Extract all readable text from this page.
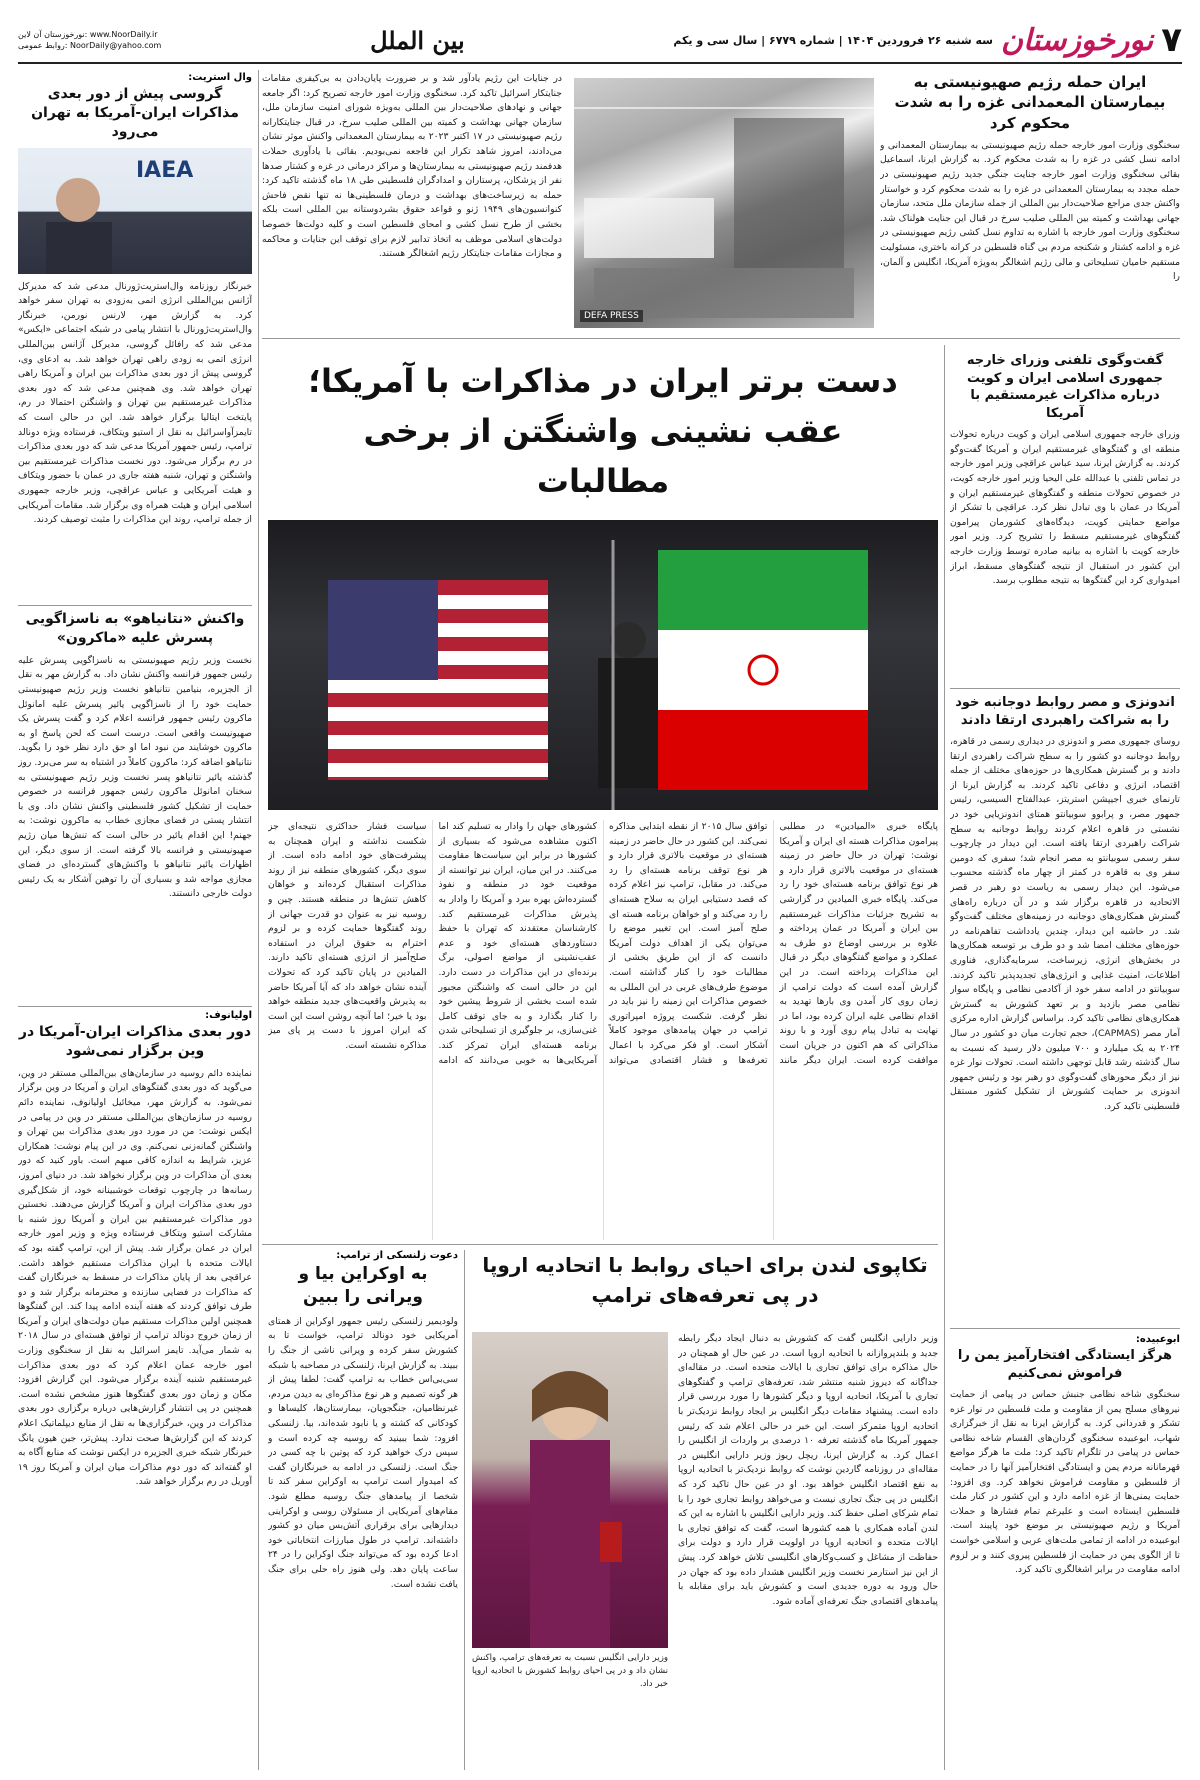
۷
نورخوزستان
سه شنبه ۲۶ فروردین ۱۴۰۴ | شماره ۶۷۷۹ | سال سی و یکم
بین الملل
نورخوزستان آن لاین: www.NoorDaily.ir
روابط عمومی: NoorDaily@yahoo.com
ایران حمله رژیم صهیونیستی به بیمارستان المعمدانی غزه را به شدت محکوم کرد
سخنگوی وزارت امور خارجه حمله رژیم صهیونیستی به بیمارستان المعمدانی و ادامه نسل کشی در غزه را به شدت محکوم کرد. به گزارش ایرنا، اسماعیل بقائی سخنگوی وزارت امور خارجه جنایت جنگی جدید رژیم صهیونیستی در حمله مجدد به بیمارستان المعمدانی در غزه را به شدت محکوم کرد و خواستار واکنش جدی مراجع صلاحیت‌دار بین المللی از جمله سازمان ملل متحد، سازمان جهانی بهداشت و کمیته بین المللی صلیب سرخ در قبال این جنایت هولناک شد. سخنگوی وزارت امور خارجه با اشاره به تداوم نسل کشی رژیم صهیونیستی در غزه و ادامه کشتار و شکنجه مردم بی گناه فلسطین در کرانه باختری، مسئولیت مستقیم حامیان تسلیحاتی و مالی رژیم اشغالگر به‌ویژه آمریکا، انگلیس و آلمان، را
DEFA PRESS
در جنایات این رژیم یادآور شد و بر ضرورت پایان‌دادن به بی‌کیفری مقامات جنایتکار اسرائیل تاکید کرد. سخنگوی وزارت امور خارجه تصریح کرد: اگر جامعه جهانی و نهادهای صلاحیت‌دار بین المللی به‌ویژه شورای امنیت سازمان ملل، سازمان جهانی بهداشت و کمیته بین المللی صلیب سرخ، در قبال جنایتکارانه رژیم صهیونیستی در ۱۷ اکتبر ۲۰۲۳ به بیمارستان المعمدانی واکنش موثر نشان می‌دادند، امروز شاهد تکرار این فاجعه نمی‌بودیم. بقائی با یادآوری حملات هدفمند رژیم صهیونیستی به بیمارستان‌ها و مراکز درمانی در غزه و کشتار صدها نفر از پزشکان، پرستاران و امدادگران فلسطینی طی ۱۸ ماه گذشته تاکید کرد: حمله به زیرساخت‌های بهداشت و درمان فلسطینی‌ها نه تنها نقض فاحش کنوانسیون‌های ۱۹۴۹ ژنو و قواعد حقوق بشردوستانه بین المللی است بلکه بخشی از طرح نسل کشی و امحای فلسطین است و کلیه دولت‌ها خصوصا دولت‌های اسلامی موظف به اتخاذ تدابیر لازم برای توقف این جنایات و محاکمه و مجازات مقامات جنایتکار رژیم اشغالگر هستند.
وال استریت:
گروسی پیش از دور بعدی مذاکرات ایران-آمریکا به تهران می‌رود
IAEA
خبرنگار روزنامه وال‌استریت‌ژورنال مدعی شد که مدیرکل آژانس بین‌المللی انرژی اتمی به‌زودی به تهران سفر خواهد کرد. به گزارش مهر، لارنس نورمن، خبرنگار وال‌استریت‌ژورنال با انتشار پیامی در شبکه اجتماعی «ایکس» مدعی شد که رافائل گروسی، مدیرکل آژانس بین‌المللی انرژی اتمی به زودی راهی تهران خواهد شد. به ادعای وی، گروسی پیش از دور بعدی مذاکرات بین ایران و آمریکا راهی تهران خواهد شد. وی همچنین مدعی شد که دور بعدی مذاکرات غیرمستقیم بین تهران و واشنگتن احتمالا در رم، پایتخت ایتالیا برگزار خواهد شد. این در حالی است که تایمزآواسرائیل به نقل از استیو ویتکاف، فرستاده ویژه دونالد ترامپ، رئیس جمهور آمریکا مدعی شد که دور بعدی مذاکرات در رم برگزار می‌شود. دور نخست مذاکرات غیرمستقیم بین واشنگتن و تهران، شنبه هفته جاری در عمان با حضور ویتکاف و هیئت آمریکایی و عباس عراقچی، وزیر خارجه جمهوری اسلامی ایران و هیئت همراه وی برگزار شد. مقامات آمریکایی از جمله ترامپ، روند این مذاکرات را مثبت توصیف کردند.
واکنش «نتانیاهو» به ناسزاگویی پسرش علیه «ماکرون»
نخست وزیر رژیم صهیونیستی به ناسزاگویی پسرش علیه رئیس جمهور فرانسه واکنش نشان داد. به گزارش مهر به نقل از الجزیره، بنیامین نتانیاهو نخست وزیر رژیم صهیونیستی حمایت خود را از ناسزاگویی یائیر پسرش علیه امانوئل ماکرون رئیس جمهور فرانسه اعلام کرد و گفت پسرش یک صهیونیست واقعی است. درست است که لحن پاسخ او به ماکرون خوشایند من نبود اما او حق دارد نظر خود را بگوید. نتانیاهو اضافه کرد: ماکرون کاملاً در اشتباه به سر می‌برد. روز گذشته یائیر نتانیاهو پسر نخست وزیر رژیم صهیونیستی به سخنان امانوئل ماکرون رئیس جمهور فرانسه در خصوص حمایت از تشکیل کشور فلسطینی واکنش نشان داد. وی با انتشار پستی در فضای مجازی خطاب به ماکرون نوشت: به جهنم! این اقدام یائیر در حالی است که تنش‌ها میان رژیم صهیونیستی و فرانسه بالا گرفته است. از سوی دیگر، این اظهارات یائیر نتانیاهو با واکنش‌های گسترده‌ای در فضای مجازی مواجه شد و بسیاری آن را توهین آشکار به یک رئیس دولت خارجی دانستند.
اولیانوف:
دور بعدی مذاکرات ایران-آمریکا در وین برگزار نمی‌شود
نماینده دائم روسیه در سازمان‌های بین‌المللی مستقر در وین، می‌گوید که دور بعدی گفتگوهای ایران و آمریکا در وین برگزار نمی‌شود. به گزارش مهر، میخائیل اولیانوف، نماینده دائم روسیه در سازمان‌های بین‌المللی مستقر در وین در پیامی در ایکس نوشت: من در مورد دور بعدی مذاکرات بین تهران و واشنگتن گمانه‌زنی نمی‌کنم. وی در این پیام نوشت: همکاران عزیز، شرایط به اندازه کافی مبهم است. باور کنید که دور بعدی آن مذاکرات در وین برگزار نخواهد شد. در دنیای امروز، رسانه‌ها در چارچوب توقعات خوشبینانه خود، از شکل‌گیری دور بعدی مذاکرات ایران و آمریکا گزارش می‌دهند. نخستین دور مذاکرات غیرمستقیم بین ایران و آمریکا روز شنبه با مشارکت استیو ویتکاف فرستاده ویژه و وزیر امور خارجه ایران در عمان برگزار شد. پیش از این، ترامپ گفته بود که ایالات متحده با ایران مذاکرات مستقیم خواهد داشت. عراقچی بعد از پایان مذاکرات در مسقط به خبرنگاران گفت که مذاکرات در فضایی سازنده و محترمانه برگزار شد و دو طرف توافق کردند که هفته آینده ادامه پیدا کند. این گفتگوها همچنین اولین مذاکرات مستقیم میان دولت‌های ایران و آمریکا از زمان خروج دونالد ترامپ از توافق هسته‌ای در سال ۲۰۱۸ به شمار می‌آید. تایمز اسرائیل به نقل از سخنگوی وزارت امور خارجه عمان اعلام کرد که دور بعدی مذاکرات غیرمستقیم شنبه آینده برگزار می‌شود. این گزارش افزود: مکان و زمان دور بعدی گفتگوها هنوز مشخص نشده است. همچنین در پی انتشار گزارش‌هایی درباره برگزاری دور بعدی مذاکرات در وین، خبرگزاری‌ها به نقل از منابع دیپلماتیک اعلام کردند که این گزارش‌ها صحت ندارد. پیش‌تر، جین هیون یانگ خبرنگار شبکه خبری الجزیره در ایکس نوشت که منابع آگاه به او گفته‌اند که دور دوم مذاکرات میان ایران و آمریکا روز ۱۹ آوریل در رم برگزار خواهد شد.
گفت‌وگوی تلفنی وزرای خارجه جمهوری اسلامی ایران و کویت درباره مذاکرات غیرمستقیم با آمریکا
وزرای خارجه جمهوری اسلامی ایران و کویت درباره تحولات منطقه ای و گفتگوهای غیرمستقیم ایران و آمریکا گفت‌وگو کردند. به گزارش ایرنا، سید عباس عراقچی وزیر امور خارجه در تماس تلفنی با عبدالله علی الیحیا وزیر امور خارجه کویت، در خصوص تحولات منطقه و گفتگوهای غیرمستقیم ایران و آمریکا در عمان با وی تبادل نظر کرد. عراقچی با تشکر از مواضع حمایتی کویت، دیدگاه‌های کشورمان پیرامون گفتگوهای غیرمستقیم مسقط را تشریح کرد. وزیر امور خارجه کویت با اشاره به بیانیه صادره توسط وزارت خارجه این کشور در استقبال از نتیجه گفتگوهای مسقط، ابراز امیدواری کرد این گفتگوها به نتیجه مطلوب برسد.
اندونزی و مصر روابط دوجانبه خود را به شراکت راهبردی ارتقا دادند
روسای جمهوری مصر و اندونزی در دیداری رسمی در قاهره، روابط دوجانبه دو کشور را به سطح شراکت راهبردی ارتقا دادند و بر گسترش همکاری‌ها در حوزه‌های مختلف از جمله اقتصاد، انرژی و دفاعی تاکید کردند. به گزارش ایرنا از تارنمای خبری اجیپشن استریتز، عبدالفتاح السیسی، رئیس جمهور مصر، و پرابوو سوبیانتو همتای اندونزیایی خود در نشستی در قاهره اعلام کردند روابط دوجانبه به سطح شراکت راهبردی ارتقا یافته است. این دیدار در چارچوب سفر رسمی سوبیانتو به مصر انجام شد؛ سفری که دومین سفر وی به قاهره در کمتر از چهار ماه گذشته محسوب می‌شود. این دیدار رسمی به ریاست دو رهبر در قصر الاتحادیه در قاهره برگزار شد و در آن درباره راه‌های گسترش همکاری‌های دوجانبه در زمینه‌های مختلف گفت‌وگو شد. در حاشیه این دیدار، چندین یادداشت تفاهم‌نامه در حوزه‌های مختلف امضا شد و دو طرف بر توسعه همکاری‌ها در بخش‌های انرژی، زیرساخت، سرمایه‌گذاری، فناوری اطلاعات، امنیت غذایی و انرژی‌های تجدیدپذیر تاکید کردند. سوبیانتو در ادامه سفر خود از آکادمی نظامی و پایگاه سوار نظامی مصر بازدید و بر تعهد کشورش به گسترش همکاری‌های نظامی تاکید کرد. براساس گزارش اداره مرکزی آمار مصر (CAPMAS)، حجم تجارت میان دو کشور در سال ۲۰۲۴ به یک میلیارد و ۷۰۰ میلیون دلار رسید که نسبت به سال گذشته رشد قابل توجهی داشته است. تحولات نوار غزه نیز از دیگر محورهای گفت‌وگوی دو رهبر بود و رئیس جمهور اندونزی بر حمایت کشورش از تشکیل کشور مستقل فلسطینی تاکید کرد.
ابوعبیده:
هرگز ایستادگی افتخارآمیز یمن را فراموش نمی‌کنیم
سخنگوی شاخه نظامی جنبش حماس در پیامی از حمایت نیروهای مسلح یمن از مقاومت و ملت فلسطین در نوار غزه تشکر و قدردانی کرد. به گزارش ایرنا به نقل از خبرگزاری شهاب، ابوعبیده سخنگوی گردان‌های القسام شاخه نظامی حماس در پیامی در تلگرام تاکید کرد: ملت ما هرگز مواضع قهرمانانه مردم یمن و ایستادگی افتخارآمیز آنها را در حمایت از فلسطین و مقاومت فراموش نخواهد کرد. وی افزود: حمایت یمنی‌ها از غزه ادامه دارد و این کشور در کنار ملت فلسطین ایستاده است و علیرغم تمام فشارها و حملات آمریکا و رژیم صهیونیستی بر موضع خود پایبند است. ابوعبیده در ادامه از تمامی ملت‌های عربی و اسلامی خواست تا از الگوی یمن در حمایت از فلسطین پیروی کنند و بر لزوم ادامه مقاومت در برابر اشغالگری تاکید کرد.
دست برتر ایران در مذاکرات با آمریکا؛ عقب نشینی واشنگتن از برخی مطالبات
پایگاه خبری «المیادین» در مطلبی پیرامون مذاکرات هسته ای ایران و آمریکا نوشت: تهران در حال حاضر در زمینه هسته‌ای در موقعیت بالاتری قرار دارد و هر نوع توافق برنامه هسته‌ای خود را رد می‌کند. پایگاه خبری المیادین در گزارشی به تشریح جزئیات مذاکرات غیرمستقیم بین ایران و آمریکا در عمان پرداخته و علاوه بر بررسی اوضاع دو طرف به عملکرد و مواضع گفتگوهای دیگر در قبال این مذاکرات پرداخته است. در این گزارش آمده است که دولت ترامپ از زمان روی کار آمدن وی بارها تهدید به اقدام نظامی علیه ایران کرده بود، اما در نهایت به تبادل پیام روی آورد و با روند مذاکراتی که هم اکنون در جریان است موافقت کرده است. ایران دیگر مانند توافق سال ۲۰۱۵ از نقطه ابتدایی مذاکره نمی‌کند. این کشور در حال حاضر در زمینه هسته‌ای در موقعیت بالاتری قرار دارد و هر نوع توقف برنامه هسته‌ای را رد می‌کند. در مقابل، ترامپ نیز اعلام کرده که قصد دستیابی ایران به سلاح هسته‌ای را رد می‌کند و او خواهان برنامه هسته ای صلح آمیز است. این تغییر موضع را می‌توان یکی از اهداف دولت آمریکا دانست که از این طریق بخشی از مطالبات خود را کنار گذاشته است. موضوع طرف‌های غربی در این المللی به خصوص‌ مذاکرات این زمینه را نیز باید در نظر گرفت. شکست پروژه امپراتوری ترامپ در جهان پیامدهای موجود کاملاً آشکار است. او فکر می‌کرد با اعمال تعرفه‌ها و فشار اقتصادی می‌تواند کشورهای جهان را وادار به تسلیم کند اما اکنون مشاهده می‌شود که بسیاری از کشورها در برابر این سیاست‌ها مقاومت می‌کنند. در این میان، ایران نیز توانسته از موقعیت خود در منطقه و نفوذ گسترده‌اش بهره ببرد و آمریکا را وادار به پذیرش مذاکرات غیرمستقیم کند. کارشناسان معتقدند که تهران با حفظ دستاوردهای هسته‌ای خود و عدم عقب‌نشینی از مواضع اصولی، برگ برنده‌ای در این مذاکرات در دست دارد. این در حالی است که واشنگتن مجبور شده است بخشی از شروط پیشین خود را کنار بگذارد و به جای توقف کامل غنی‌سازی، بر جلوگیری از تسلیحاتی شدن برنامه هسته‌ای ایران تمرکز کند. آمریکایی‌ها به خوبی می‌دانند که ادامه سیاست فشار حداکثری نتیجه‌ای جز شکست نداشته و ایران همچنان به پیشرفت‌های خود ادامه داده است. از سوی دیگر، کشورهای منطقه نیز از روند مذاکرات استقبال کرده‌اند و خواهان کاهش تنش‌ها در منطقه هستند. چین و روسیه نیز به عنوان دو قدرت جهانی از روند گفتگوها حمایت کرده و بر لزوم احترام به حقوق ایران در استفاده صلح‌آمیز از انرژی هسته‌ای تاکید دارند. المیادین در پایان تاکید کرد که تحولات آینده نشان خواهد داد که آیا آمریکا حاضر به پذیرش واقعیت‌های جدید منطقه خواهد بود یا خیر؛ اما آنچه روشن است این است که ایران امروز با دست پر پای میز مذاکره نشسته است.
دعوت زلنسکی از ترامپ:
به اوکراین بیا و ویرانی را ببین
ولودیمیر زلنسکی رئیس جمهور اوکراین از همتای آمریکایی خود دونالد ترامپ، خواست تا به کشورش سفر کرده و ویرانی ناشی از جنگ را ببیند. به گزارش ایرنا، زلنسکی در مصاحبه با شبکه سی‌بی‌اس خطاب به ترامپ گفت: لطفا پیش از هر گونه تصمیم و هر نوع مذاکره‌ای به دیدن مردم، غیرنظامیان، جنگجویان، بیمارستان‌ها، کلیساها و کودکانی که کشته و یا نابود شده‌اند، بیا. زلنسکی افزود: شما ببینید که روسیه چه کرده است و سپس درک خواهید کرد که پوتین با چه کسی در جنگ است. زلنسکی در ادامه به خبرنگاران گفت که امیدوار است ترامپ به اوکراین سفر کند تا شخصا از پیامدهای جنگ روسیه مطلع شود. مقام‌های آمریکایی از مسئولان روسی و اوکراینی دیدارهایی برای برقراری آتش‌بس میان دو کشور داشته‌اند. ترامپ در طول مبارزات انتخاباتی خود ادعا کرده بود که می‌تواند جنگ اوکراین را در ۲۴ ساعت پایان دهد. ولی هنوز راه حلی برای جنگ یافت نشده است.
تکاپوی لندن برای احیای روابط با اتحادیه اروپا در پی تعرفه‌های ترامپ
وزیر دارایی انگلیس نسبت به تعرفه‌های ترامپ، واکنش نشان داد و در پی احیای روابط کشورش با اتحادیه اروپا خبر داد.
وزیر دارایی انگلیس گفت که کشورش به دنبال ایجاد دیگر رابطه جدید و بلندپروازانه با اتحادیه اروپا است. در عین حال او همچنان در حال مذاکره برای توافق تجاری با ایالات متحده است. در مقاله‌ای جداگانه که دیروز شنبه منتشر شد، تعرفه‌های ترامپ و گفتگوهای تجاری با آمریکا، اتحادیه اروپا و دیگر کشورها را مورد بررسی قرار داده است. پیشنهاد مقامات دیگر انگلیس بر ایجاد روابط نزدیک‌تر با اتحادیه اروپا متمرکز است. این خبر در حالی اعلام شد که رئیس جمهور آمریکا ماه گذشته تعرفه ۱۰ درصدی بر واردات از انگلیس را اعمال کرد. به گزارش ایرنا، ریچل ریوز وزیر دارایی انگلیس در مقاله‌ای در روزنامه گاردین نوشت که روابط نزدیک‌تر با اتحادیه اروپا به نفع اقتصاد انگلیس خواهد بود. او در عین حال تاکید کرد که انگلیس در پی جنگ تجاری نیست و می‌خواهد روابط تجاری خود را با تمام شرکای اصلی حفظ کند. وزیر دارایی انگلیس با اشاره به این که لندن آماده همکاری با همه کشورها است، گفت که توافق تجاری با ایالات متحده و اتحادیه اروپا در اولویت قرار دارد و دولت برای حفاظت از مشاغل و کسب‌وکارهای انگلیسی تلاش خواهد کرد. پیش از این نیز استارمر نخست وزیر انگلیس هشدار داده بود که جهان در حال ورود به دوره جدیدی است و کشورش باید برای مقابله با پیامدهای اقتصادی جنگ تعرفه‌ای آماده شود.
